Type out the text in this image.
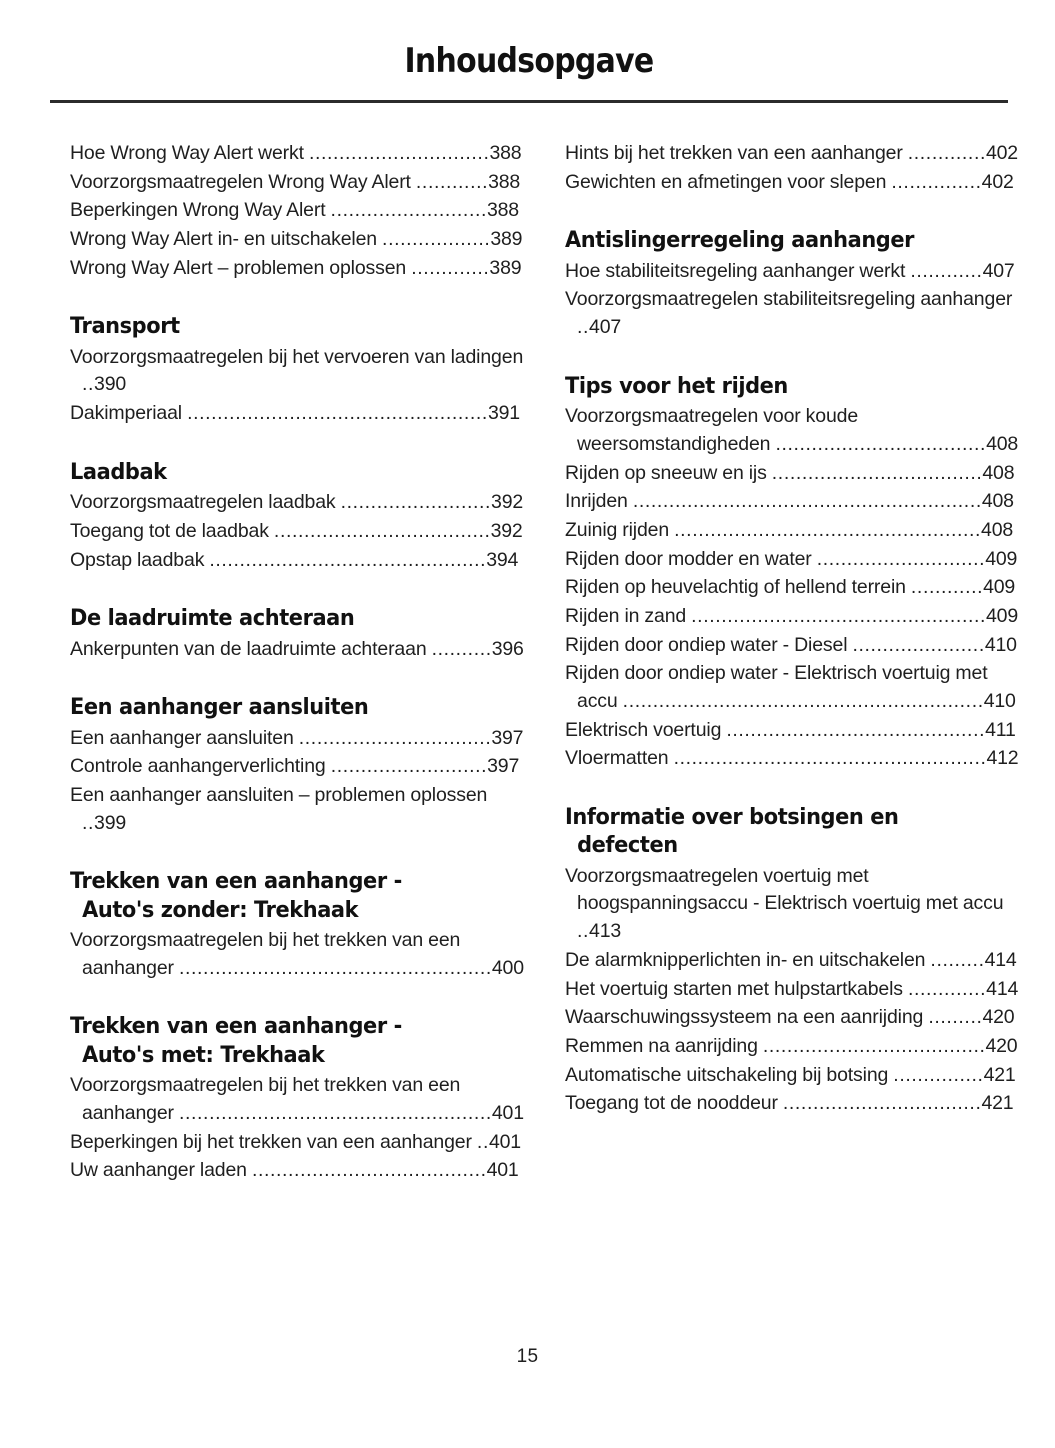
Inhoudsopgave

Hoe Wrong Way Alert werkt ..............................388

Voorzorgsmaatregelen Wrong Way Alert ............388

Beperkingen Wrong Way Alert ..........................388

Wrong Way Alert in- en uitschakelen ..................389

Wrong Way Alert – problemen oplossen .............389

Transport

Voorzorgsmaatregelen bij het vervoeren van ladingen ..390

Dakimperiaal ..................................................391

Laadbak

Voorzorgsmaatregelen laadbak .........................392

Toegang tot de laadbak ....................................392

Opstap laadbak ..............................................394

De laadruimte achteraan

Ankerpunten van de laadruimte achteraan ..........396

Een aanhanger aansluiten

Een aanhanger aansluiten ................................397

Controle aanhangerverlichting ..........................397

Een aanhanger aansluiten – problemen oplossen ..399

Trekken van een aanhanger -
Auto's zonder: Trekhaak

Voorzorgsmaatregelen bij het trekken van een aanhanger ....................................................400

Trekken van een aanhanger -
Auto's met: Trekhaak

Voorzorgsmaatregelen bij het trekken van een aanhanger ....................................................401

Beperkingen bij het trekken van een aanhanger ..401

Uw aanhanger laden .......................................401

Hints bij het trekken van een aanhanger .............402

Gewichten en afmetingen voor slepen ...............402

Antislingerregeling aanhanger

Hoe stabiliteitsregeling aanhanger werkt ............407

Voorzorgsmaatregelen stabiliteitsregeling aanhanger ..407

Tips voor het rijden

Voorzorgsmaatregelen voor koude weersomstandigheden ...................................408

Rijden op sneeuw en ijs ...................................408

Inrijden ..........................................................408

Zuinig rijden ...................................................408

Rijden door modder en water ............................409

Rijden op heuvelachtig of hellend terrein ............409

Rijden in zand .................................................409

Rijden door ondiep water - Diesel ......................410

Rijden door ondiep water - Elektrisch voertuig met accu ............................................................410

Elektrisch voertuig ...........................................411

Vloermatten ....................................................412

Informatie over botsingen en
defecten

Voorzorgsmaatregelen voertuig met hoogspanningsaccu - Elektrisch voertuig met accu ..413

De alarmknipperlichten in- en uitschakelen .........414

Het voertuig starten met hulpstartkabels .............414

Waarschuwingssysteem na een aanrijding .........420

Remmen na aanrijding .....................................420

Automatische uitschakeling bij botsing ...............421

Toegang tot de nooddeur .................................421

15
